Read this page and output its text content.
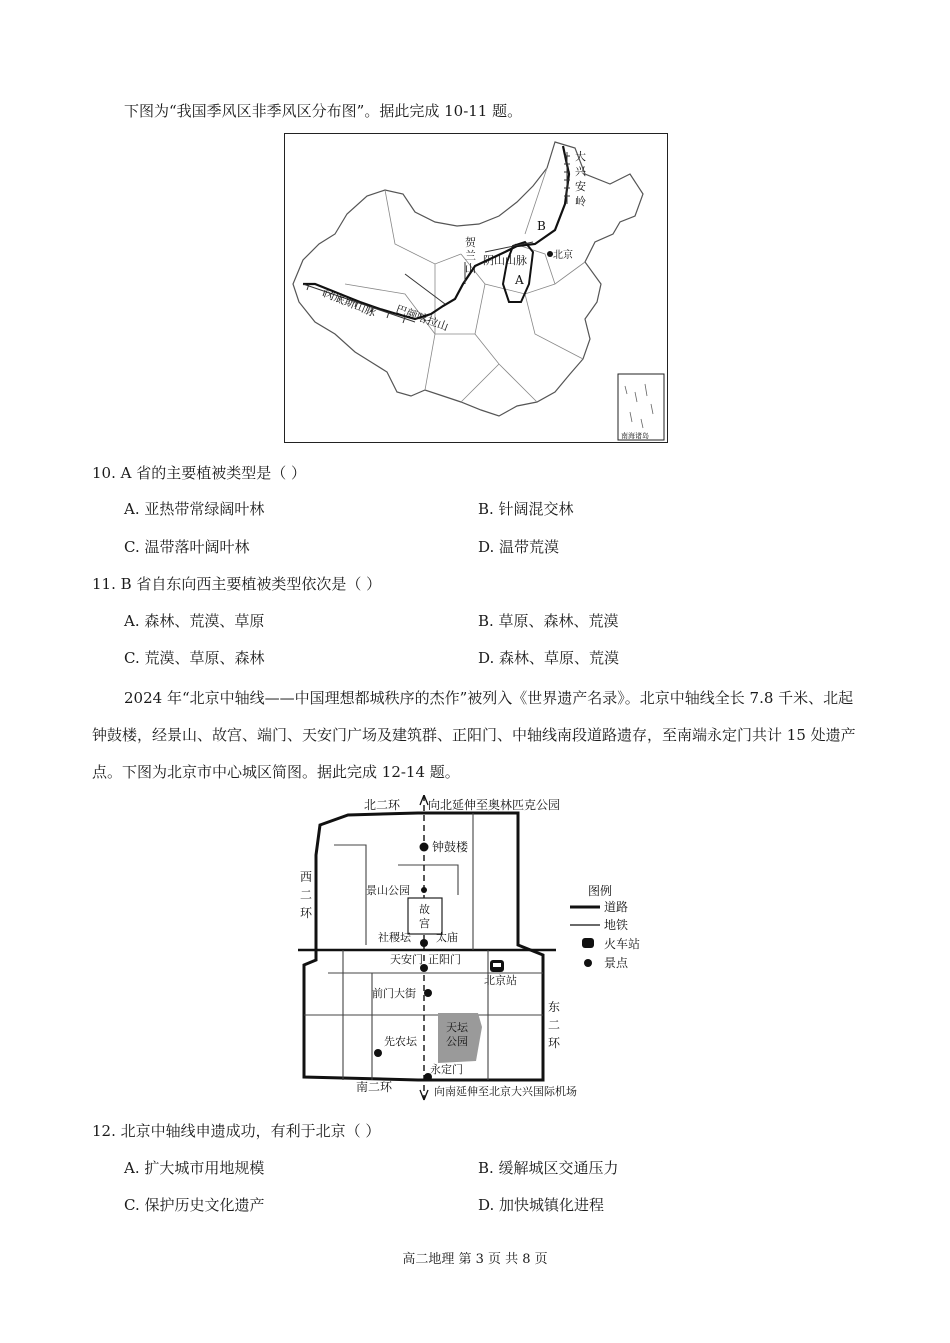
下图为“我国季风区非季风区分布图”。据此完成 10-11 题。
大
兴
安
岭
阴山山脉
贺
兰
山
巴颜喀拉山
冈底斯山脉
北京
A
B
南海诸岛
10. A 省的主要植被类型是（ ）
A. 亚热带常绿阔叶林	B. 针阔混交林
C. 温带落叶阔叶林	D. 温带荒漠
11. B 省自东向西主要植被类型依次是（ ）
A. 森林、荒漠、草原	B. 草原、森林、荒漠
C. 荒漠、草原、森林	D. 森林、草原、荒漠
2024 年“北京中轴线——中国理想都城秩序的杰作”被列入《世界遗产名录》。北京中轴线全长 7.8 千米、北起钟鼓楼，经景山、故宫、端门、天安门广场及建筑群、正阳门、中轴线南段道路遗存，至南端永定门共计 15 处遗产点。下图为北京市中心城区简图。据此完成 12-14 题。
北二环 向北延伸至奥林匹克公园
钟鼓楼
景山公园
故
宫
社稷坛 太庙
天安门 正阳门
前门大街
北京站
天坛
公园
先农坛
永定门
南二环	向南延伸至北京大兴国际机场
西
二
环
东
二
环
图例
道路
地铁
火车站
景点
12. 北京中轴线申遗成功，有利于北京（ ）
A. 扩大城市用地规模	B. 缓解城区交通压力
C. 保护历史文化遗产	D. 加快城镇化进程
高二地理 第 3 页 共 8 页
